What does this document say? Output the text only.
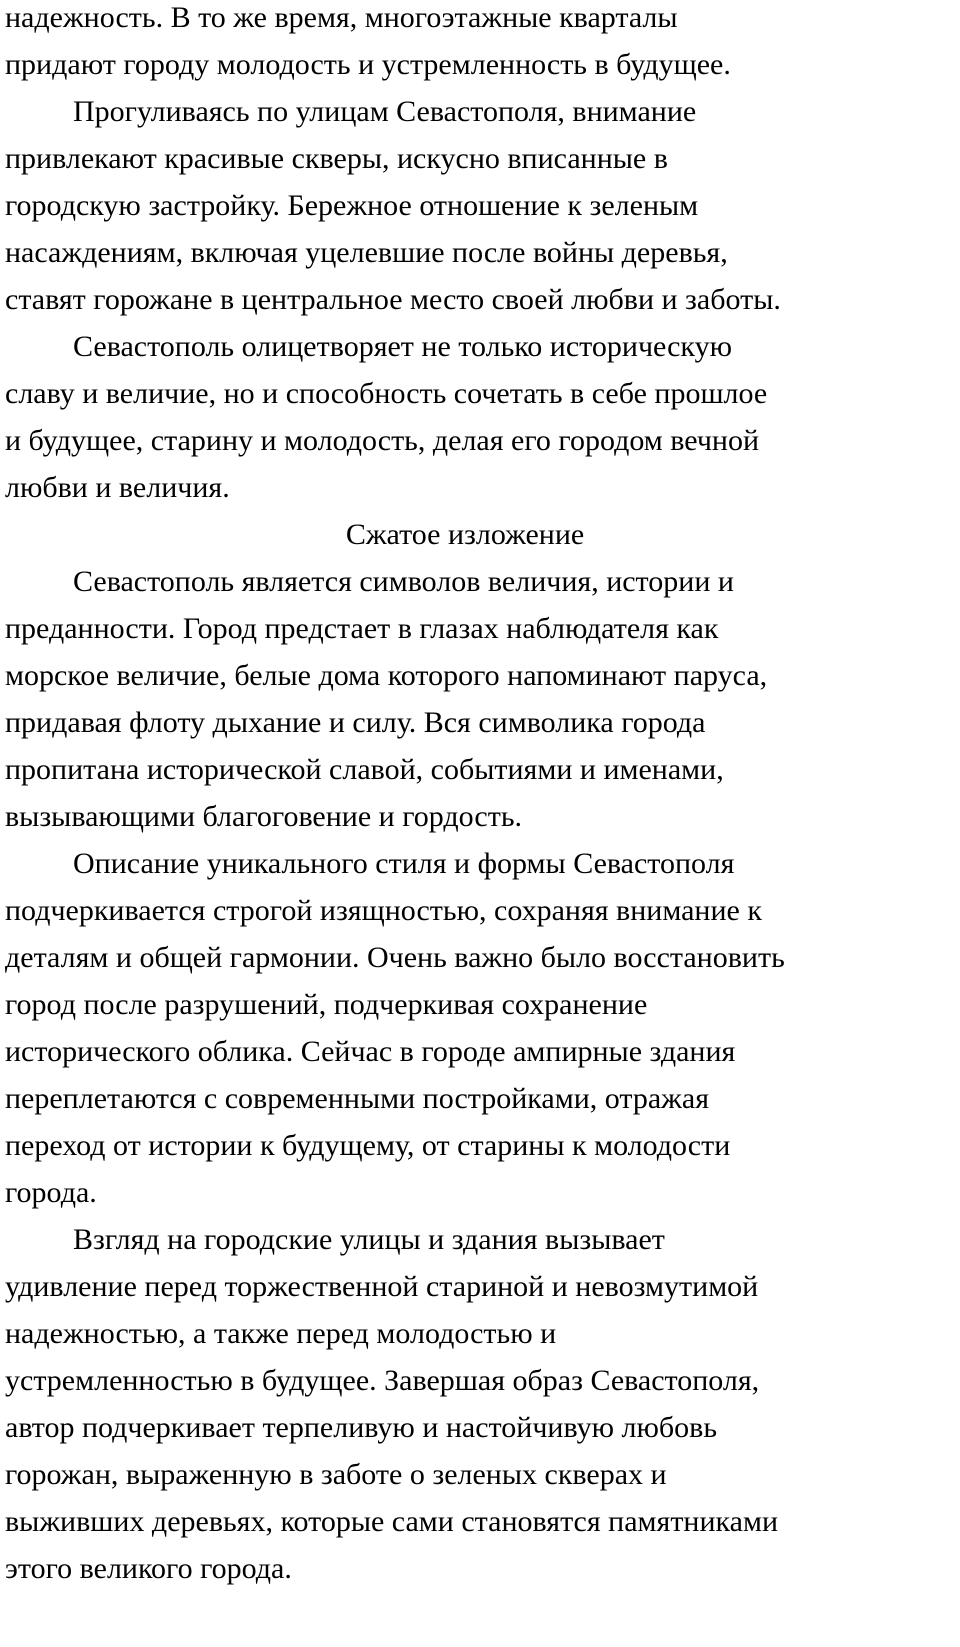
надежность. В то же время, многоэтажные кварталы
придают городу молодость и устремленность в будущее.
Прогуливаясь по улицам Севастополя, внимание
привлекают красивые скверы, искусно вписанные в
городскую застройку. Бережное отношение к зеленым
насаждениям, включая уцелевшие после войны деревья,
ставят горожане в центральное место своей любви и заботы.
Севастополь олицетворяет не только историческую
славу и величие, но и способность сочетать в себе прошлое
и будущее, старину и молодость, делая его городом вечной
любви и величия.
Сжатое изложение
Севастополь является символов величия, истории и
преданности. Город предстает в глазах наблюдателя как
морское величие, белые дома которого напоминают паруса,
придавая флоту дыхание и силу. Вся символика города
пропитана исторической славой, событиями и именами,
вызывающими благоговение и гордость.
Описание уникального стиля и формы Севастополя
подчеркивается строгой изящностью, сохраняя внимание к
деталям и общей гармонии. Очень важно было восстановить
город после разрушений, подчеркивая сохранение
исторического облика. Сейчас в городе ампирные здания
переплетаются с современными постройками, отражая
переход от истории к будущему, от старины к молодости
города.
Взгляд на городские улицы и здания вызывает
удивление перед торжественной стариной и невозмутимой
надежностью, а также перед молодостью и
устремленностью в будущее. Завершая образ Севастополя,
автор подчеркивает терпеливую и настойчивую любовь
горожан, выраженную в заботе о зеленых скверах и
выживших деревьях, которые сами становятся памятниками
этого великого города.
